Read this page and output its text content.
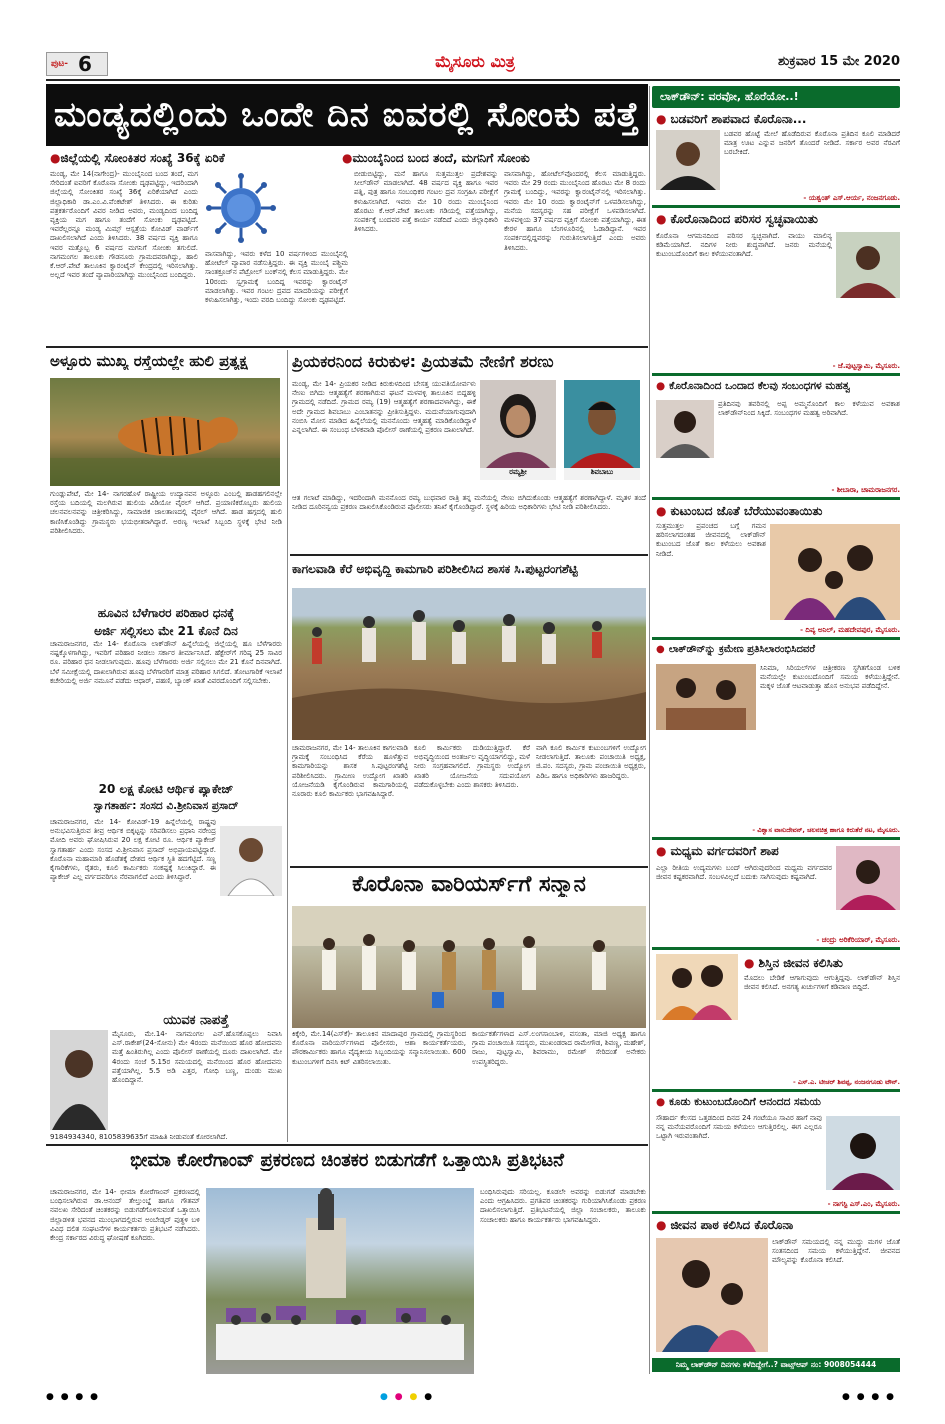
ಪುಟ- 6	ಮೈಸೂರು ಮಿತ್ರ	ಶುಕ್ರವಾರ 15 ಮೇ 2020
ಮಂಡ್ಯದಲ್ಲಿಂದು ಒಂದೇ ದಿನ ಐವರಲ್ಲಿ ಸೋಂಕು ಪತ್ತೆ
●ಜಿಲ್ಲೆಯಲ್ಲಿ ಸೋಂಕಿತರ ಸಂಖ್ಯೆ 36ಕ್ಕೆ ಏರಿಕೆ	●ಮುಂಬೈನಿಂದ ಬಂದ ತಂದೆ, ಮಗನಿಗೆ ಸೋಂಕು
ಮಂಡ್ಯ, ಮೇ 14(ನಾಗೇಂದ್ರ)- ಮುಂಬೈನಿಂದ ಬಂದ ತಂದೆ, ಮಗ ಸೇರಿದಂತೆ ಐವರಿಗೆ ಕೊರೊನಾ ಸೋಂಕು ದೃಢಪಟ್ಟಿದ್ದು, ಇದರಿಂದಾಗಿ ಜಿಲ್ಲೆಯಲ್ಲಿ ಸೋಂಕಿತರ ಸಂಖ್ಯೆ 36ಕ್ಕೆ ಏರಿಕೆಯಾಗಿದೆ ಎಂದು ಜಿಲ್ಲಾಧಿಕಾರಿ ಡಾ.ಎಂ.ವಿ.ವೆಂಕಟೇಶ್ ತಿಳಿಸಿದರು. ಈ ಕುರಿತು ಪತ್ರಕರ್ತರೊಂದಿಗೆ ವಿವರ ನೀಡಿದ ಅವರು, ಮಂಡ್ಯದಿಂದ ಬಂದಿದ್ದ ವ್ಯಕ್ತಿಯ ಮಗ ಹಾಗೂ ತಂದೆಗೆ ಸೋಂಕು ದೃಢಪಟ್ಟಿದೆ. ಇವರೆಲ್ಲರನ್ನೂ ಮಂಡ್ಯ ಮಿಮ್ಸ್ ಆಸ್ಪತ್ರೆಯ ಕೋವಿಡ್ ವಾರ್ಡ್‌ಗೆ ದಾಖಲಿಸಲಾಗಿದೆ ಎಂದು ತಿಳಿಸಿದರು. 38 ವರ್ಷದ ವ್ಯಕ್ತಿ ಹಾಗೂ ಇವರ ಮತ್ತೊಬ್ಬ 6 ವರ್ಷದ ಮಗನಿಗೆ ಸೋಂಕು ತಗುಲಿದೆ. ನಾಗಮಂಗಲ ತಾಲೂಕು ಗೌಡನೂರು ಗ್ರಾಮದವರಾಗಿದ್ದು, ಹಾಲಿ ಕೆ.ಆರ್.ಪೇಟೆ ತಾಲೂಕಿನ ಕ್ವಾರಂಟೈನ್ ಕೇಂದ್ರದಲ್ಲಿ ಇರಿಸಲಾಗಿತ್ತು. ಅಲ್ಲದೆ ಇವರ ತಂದೆ ವ್ಯಾಪಾರಿಯಾಗಿದ್ದು ಮುಂಬೈನಿಂದ ಬಂದಿದ್ದರು.
ವಾಸವಾಗಿದ್ದು, ಇವರು ಕಳೆದ 10 ವರ್ಷಗಳಿಂದ ಮುಂಬೈನಲ್ಲಿ ಹೋಟೆಲ್ ವ್ಯಾಪಾರ ನಡೆಸುತ್ತಿದ್ದರು. ಈ ವ್ಯಕ್ತಿ ಮುಂಬೈ ಪಶ್ಚಿಮ ಸಾಂತಕ್ರೂಜ್‌ನ ಪೆಟ್ರೋಲ್ ಬಂಕ್‌ನಲ್ಲಿ ಕೆಲಸ ಮಾಡುತ್ತಿದ್ದರು. ಮೇ 10ರಂದು ಸ್ವಗ್ರಾಮಕ್ಕೆ ಬಂದಿದ್ದ ಇವರನ್ನು ಕ್ವಾರಂಟೈನ್ ಮಾಡಲಾಗಿತ್ತು. ಇವರ ಗಂಟಲ ದ್ರವದ ಮಾದರಿಯನ್ನು ಪರೀಕ್ಷೆಗೆ ಕಳುಹಿಸಲಾಗಿತ್ತು, ಇಂದು ವರದಿ ಬಂದಿದ್ದು ಸೋಂಕು ದೃಢಪಟ್ಟಿದೆ.
ಬೀಡುಬಿಟ್ಟಿದ್ದು, ಮನೆ ಹಾಗೂ ಸುತ್ತಮುತ್ತಲ ಪ್ರದೇಶವನ್ನು ಸೀಲ್‌ಡೌನ್ ಮಾಡಲಾಗಿದೆ. 48 ವರ್ಷದ ವ್ಯಕ್ತಿ ಹಾಗೂ ಇವರ ಪತ್ನಿ, ಪುತ್ರ ಹಾಗೂ ಸಂಬಂಧಿಕರ ಗಂಟಲ ದ್ರವ ಸಂಗ್ರಹಿಸಿ ಪರೀಕ್ಷೆಗೆ ಕಳುಹಿಸಲಾಗಿದೆ. ಇವರು ಮೇ 10 ರಂದು ಮುಂಬೈನಿಂದ ಹೊರಟು ಕೆ.ಆರ್.ಪೇಟೆ ತಾಲೂಕು ಗಡಿಯಲ್ಲಿ ಪತ್ತೆಯಾಗಿದ್ದು, ಸಂಪರ್ಕಕ್ಕೆ ಬಂದವರ ಪತ್ತೆ ಕಾರ್ಯ ನಡೆದಿದೆ ಎಂದು ಜಿಲ್ಲಾಧಿಕಾರಿ ತಿಳಿಸಿದರು.
ವಾಸವಾಗಿದ್ದು, ಹೋಟೆಲ್‌ವೊಂದರಲ್ಲಿ ಕೆಲಸ ಮಾಡುತ್ತಿದ್ದರು. ಇವರು ಮೇ 29 ರಂದು ಮುಂಬೈನಿಂದ ಹೊರಟು ಮೇ 8 ರಂದು ಗ್ರಾಮಕ್ಕೆ ಬಂದಿದ್ದು, ಇವರನ್ನು ಕ್ವಾರಂಟೈನ್‌ನಲ್ಲಿ ಇರಿಸಲಾಗಿತ್ತು. ಇವರು ಮೇ 10 ರಂದು ಕ್ವಾರಂಟೈನ್‌ಗೆ ಒಳಪಡಿಸಲಾಗಿದ್ದು, ಮನೆಯ ಸದಸ್ಯರನ್ನು ಸಹ ಪರೀಕ್ಷೆಗೆ ಒಳಪಡಿಸಲಾಗಿದೆ. ಮಳವಳ್ಳಿಯ 37 ವರ್ಷದ ವ್ಯಕ್ತಿಗೆ ಸೋಂಕು ಪತ್ತೆಯಾಗಿದ್ದು, ಈತ ಕೇರಳ ಹಾಗೂ ಬೆಂಗಳೂರಿನಲ್ಲಿ ಓಡಾಡಿದ್ದಾನೆ. ಇವರ ಸಂಪರ್ಕದಲ್ಲಿದ್ದವರನ್ನು ಗುರುತಿಸಲಾಗುತ್ತಿದೆ ಎಂದು ಅವರು ತಿಳಿಸಿದರು.
ಅಳ್ಳೂರು ಮುಖ್ಯ ರಸ್ತೆಯಲ್ಲೇ ಹುಲಿ ಪ್ರತ್ಯಕ್ಷ
ಗುಂಡ್ಲುಪೇಟೆ, ಮೇ 14- ನಾಗರಹೊಳೆ ರಾಷ್ಟ್ರೀಯ ಉದ್ಯಾನವನ ಅಳ್ಳೂರು ಎಂಬಲ್ಲಿ ಹಾಡಹಗಲಿನಲ್ಲೇ ರಸ್ತೆಯ ಬದಿಯಲ್ಲಿ ಮಲಗಿರುವ ಹುಲಿಯ ವಿಡಿಯೋ ವೈರಲ್ ಆಗಿದೆ. ಪ್ರಯಾಣಿಕರೊಬ್ಬರು ಹುಲಿಯ ಚಲನವಲನವನ್ನು ಚಿತ್ರೀಕರಿಸಿದ್ದು, ಸಾಮಾಜಿಕ ಜಾಲತಾಣದಲ್ಲಿ ವೈರಲ್ ಆಗಿದೆ. ಹಾಡ ಹಗ್ಗದಲ್ಲಿ ಹುಲಿ ಕಾಣಿಸಿಕೊಂಡಿದ್ದು ಗ್ರಾಮಸ್ಥರು ಭಯಭೀತರಾಗಿದ್ದಾರೆ. ಅರಣ್ಯ ಇಲಾಖೆ ಸಿಬ್ಬಂದಿ ಸ್ಥಳಕ್ಕೆ ಭೇಟಿ ನೀಡಿ ಪರಿಶೀಲಿಸಿದರು.
ಹೂವಿನ ಬೆಳೆಗಾರರ ಪರಿಹಾರ ಧನಕ್ಕೆ
ಅರ್ಜಿ ಸಲ್ಲಿಸಲು ಮೇ 21 ಕೊನೆ ದಿನ
ಚಾಮರಾಜನಗರ, ಮೇ 14- ಕೊರೊನಾ ಲಾಕ್‌ಡೌನ್ ಹಿನ್ನೆಲೆಯಲ್ಲಿ ಜಿಲ್ಲೆಯಲ್ಲಿ ಹೂ ಬೆಳೆಗಾರರು ನಷ್ಟಕ್ಕೊಳಗಾಗಿದ್ದು, ಇವರಿಗೆ ಪರಿಹಾರ ನೀಡಲು ಸರ್ಕಾರ ತೀರ್ಮಾನಿಸಿದೆ. ಹೆಕ್ಟೇರ್‌ಗೆ ಗರಿಷ್ಠ 25 ಸಾವಿರ ರೂ. ಪರಿಹಾರ ಧನ ನೀಡಲಾಗುವುದು. ಹೂವು ಬೆಳೆಗಾರರು ಅರ್ಜಿ ಸಲ್ಲಿಸಲು ಮೇ 21 ಕೊನೆ ದಿನವಾಗಿದೆ. ಬೆಳೆ ಸಮೀಕ್ಷೆಯಲ್ಲಿ ದಾಖಲಾಗಿರುವ ಹೂವು ಬೆಳೆಗಾರರಿಗೆ ಮಾತ್ರ ಪರಿಹಾರ ಸಿಗಲಿದೆ. ತೋಟಗಾರಿಕೆ ಇಲಾಖೆ ಕಚೇರಿಯಲ್ಲಿ ಅರ್ಜಿ ನಮೂನೆ ಪಡೆದು ಆಧಾರ್, ಪಹಣಿ, ಬ್ಯಾಂಕ್ ಖಾತೆ ವಿವರದೊಂದಿಗೆ ಸಲ್ಲಿಸಬೇಕು.
20 ಲಕ್ಷ ಕೋಟಿ ಆರ್ಥಿಕ ಪ್ಯಾಕೇಜ್
ಸ್ವಾಗತಾರ್ಹ: ಸಂಸದ ವಿ.ಶ್ರೀನಿವಾಸ ಪ್ರಸಾದ್
ಚಾಮರಾಜನಗರ, ಮೇ 14- ಕೋವಿಡ್-19 ಹಿನ್ನೆಲೆಯಲ್ಲಿ ರಾಷ್ಟ್ರವು ಅನುಭವಿಸುತ್ತಿರುವ ತೀವ್ರ ಆರ್ಥಿಕ ಬಿಕ್ಕಟ್ಟನ್ನು ಸರಿಪಡಿಸಲು ಪ್ರಧಾನಿ ನರೇಂದ್ರ ಮೋದಿ ಅವರು ಘೋಷಿಸಿರುವ 20 ಲಕ್ಷ ಕೋಟಿ ರೂ. ಆರ್ಥಿಕ ಪ್ಯಾಕೇಜ್ ಸ್ವಾಗತಾರ್ಹ ಎಂದು ಸಂಸದ ವಿ.ಶ್ರೀನಿವಾಸ ಪ್ರಸಾದ್ ಅಭಿಪ್ರಾಯಪಟ್ಟಿದ್ದಾರೆ. ಕೊರೊನಾ ಮಹಾಮಾರಿ ಹೊಡೆತಕ್ಕೆ ದೇಶದ ಆರ್ಥಿಕ ಸ್ಥಿತಿ ಹದಗೆಟ್ಟಿದೆ. ಸಣ್ಣ ಕೈಗಾರಿಕೆಗಳು, ರೈತರು, ಕೂಲಿ ಕಾರ್ಮಿಕರು ಸಂಕಷ್ಟಕ್ಕೆ ಸಿಲುಕಿದ್ದಾರೆ. ಈ ಪ್ಯಾಕೇಜ್ ಎಲ್ಲ ವರ್ಗದವರಿಗೂ ನೆರವಾಗಲಿದೆ ಎಂದು ತಿಳಿಸಿದ್ದಾರೆ.
ಯುವಕ ನಾಪತ್ತೆ
ಮೈಸೂರು, ಮೇ.14- ನಾಗಮಂಗಲ ಎನ್.ಹೊಸಕೊಪ್ಪಲು ನಿವಾಸಿ ಎಸ್.ರಾಕೇಶ್(24-ಸೋನು) ಮೇ 4ರಂದು ಮನೆಯಿಂದ ಹೊರ ಹೋದವನು ಮತ್ತೆ ಹಿಂತಿರುಗಿಲ್ಲ ಎಂದು ಪೊಲೀಸ್ ಠಾಣೆಯಲ್ಲಿ ದೂರು ದಾಖಲಾಗಿದೆ. ಮೇ 4ರಂದು ಸಂಜೆ 5.15ರ ಸಮಯದಲ್ಲಿ ಮನೆಯಿಂದ ಹೊರ ಹೋದವನು ಪತ್ತೆಯಾಗಿಲ್ಲ. 5.5 ಅಡಿ ಎತ್ತರ, ಗೋಧಿ ಬಣ್ಣ, ದುಂಡು ಮುಖ ಹೊಂದಿದ್ದಾನೆ.
9184934340, 8105839635ಗೆ ಮಾಹಿತಿ ನೀಡುವಂತೆ ಕೋರಲಾಗಿದೆ.
ಪ್ರಿಯಕರನಿಂದ ಕಿರುಕುಳ: ಪ್ರಿಯತಮೆ ನೇಣಿಗೆ ಶರಣು
ಮಂಡ್ಯ, ಮೇ 14- ಪ್ರಿಯಕರ ನೀಡಿದ ಕಿರುಕುಳದಿಂದ ಬೇಸತ್ತ ಯುವತಿಯೋರ್ವಳು ನೇಣು ಬಿಗಿದು ಆತ್ಮಹತ್ಯೆಗೆ ಶರಣಾಗಿರುವ ಘಟನೆ ಮಳವಳ್ಳಿ ತಾಲೂಕಿನ ಬಿದ್ದಹಳ್ಳಿ ಗ್ರಾಮದಲ್ಲಿ ನಡೆದಿದೆ. ಗ್ರಾಮದ ರಮ್ಯ (19) ಆತ್ಮಹತ್ಯೆಗೆ ಶರಣಾದವಳಾಗಿದ್ದು, ಈಕೆ ಅದೇ ಗ್ರಾಮದ ಶಿವಬಾಬು ಎಂಬಾತನನ್ನು ಪ್ರೀತಿಸುತ್ತಿದ್ದಳು. ಮದುವೆಯಾಗುವುದಾಗಿ ನಂಬಿಸಿ ಮೋಸ ಮಾಡಿದ ಹಿನ್ನೆಲೆಯಲ್ಲಿ ಮನನೊಂದು ಆತ್ಮಹತ್ಯೆ ಮಾಡಿಕೊಂಡಿದ್ದಾಳೆ ಎನ್ನಲಾಗಿದೆ. ಈ ಸಂಬಂಧ ಬೆಳಕವಾಡಿ ಪೊಲೀಸ್ ಠಾಣೆಯಲ್ಲಿ ಪ್ರಕರಣ ದಾಖಲಾಗಿದೆ.
ರಮ್ಯಶ್ರೀ	ಶಿವಬಾಬು
ಆತ ಗಲಾಟೆ ಮಾಡಿದ್ದು, ಇದರಿಂದಾಗಿ ಮನನೊಂದ ರಮ್ಯ ಬುಧವಾರ ರಾತ್ರಿ ತನ್ನ ಮನೆಯಲ್ಲಿ ನೇಣು ಬಿಗಿದುಕೊಂಡು ಆತ್ಮಹತ್ಯೆಗೆ ಶರಣಾಗಿದ್ದಾಳೆ. ಮೃತಳ ತಂದೆ ನೀಡಿದ ದೂರಿನನ್ವಯ ಪ್ರಕರಣ ದಾಖಲಿಸಿಕೊಂಡಿರುವ ಪೊಲೀಸರು ತನಿಖೆ ಕೈಗೊಂಡಿದ್ದಾರೆ. ಸ್ಥಳಕ್ಕೆ ಹಿರಿಯ ಅಧಿಕಾರಿಗಳು ಭೇಟಿ ನೀಡಿ ಪರಿಶೀಲಿಸಿದರು.
ಕಾಗಲವಾಡಿ ಕೆರೆ ಅಭಿವೃದ್ಧಿ ಕಾಮಗಾರಿ ಪರಿಶೀಲಿಸಿದ ಶಾಸಕ ಸಿ.ಪುಟ್ಟರಂಗಶೆಟ್ಟಿ
ಚಾಮರಾಜನಗರ, ಮೇ 14- ತಾಲೂಕಿನ ಕಾಗಲವಾಡಿ ಗ್ರಾಮಕ್ಕೆ ಸಂಬಂಧಿಸಿದ ಕೆರೆಯ ಹೂಳೆತ್ತುವ ಕಾಮಗಾರಿಯನ್ನು ಶಾಸಕ ಸಿ.ಪುಟ್ಟರಂಗಶೆಟ್ಟಿ ಪರಿಶೀಲಿಸಿದರು. ಗ್ರಾಮೀಣ ಉದ್ಯೋಗ ಖಾತರಿ ಯೋಜನೆಯಡಿ ಕೈಗೊಂಡಿರುವ ಕಾಮಗಾರಿಯಲ್ಲಿ ನೂರಾರು ಕೂಲಿ ಕಾರ್ಮಿಕರು ಭಾಗವಹಿಸಿದ್ದಾರೆ.
ಕೂಲಿ ಕಾರ್ಮಿಕರು ದುಡಿಯುತ್ತಿದ್ದಾರೆ. ಕೆರೆ ಅಭಿವೃದ್ಧಿಯಿಂದ ಅಂತರ್ಜಲ ವೃದ್ಧಿಯಾಗಲಿದ್ದು, ಮಳೆ ನೀರು ಸಂಗ್ರಹವಾಗಲಿದೆ. ಗ್ರಾಮಸ್ಥರು ಉದ್ಯೋಗ ಖಾತರಿ ಯೋಜನೆಯ ಸದುಪಯೋಗ ಪಡೆದುಕೊಳ್ಳಬೇಕು ಎಂದು ಶಾಸಕರು ತಿಳಿಸಿದರು.
ವಾಗಿ ಕೂಲಿ ಕಾರ್ಮಿಕ ಕುಟುಂಬಗಳಿಗೆ ಉದ್ಯೋಗ ನೀಡಲಾಗುತ್ತಿದೆ. ತಾಲೂಕು ಪಂಚಾಯಿತಿ ಅಧ್ಯಕ್ಷ, ಜಿ.ಪಂ. ಸದಸ್ಯರು, ಗ್ರಾಮ ಪಂಚಾಯಿತಿ ಅಧ್ಯಕ್ಷರು, ಪಿಡಿಒ ಹಾಗೂ ಅಧಿಕಾರಿಗಳು ಹಾಜರಿದ್ದರು.
ಕೊರೊನಾ ವಾರಿಯರ್ಸ್‌ಗೆ ಸನ್ಮಾನ
ಕಿಕ್ಕೇರಿ, ಮೇ.14(ಎಸ್‌ಕೆ)- ತಾಲೂಕಿನ ಮಾದಾಪುರ ಗ್ರಾಮದಲ್ಲಿ ಗ್ರಾಮಸ್ಥರಿಂದ ಕೊರೊನಾ ವಾರಿಯರ್ಸ್‌ಗಳಾದ ಪೊಲೀಸರು, ಆಶಾ ಕಾರ್ಯಕರ್ತೆಯರು, ಪೌರಕಾರ್ಮಿಕರು ಹಾಗೂ ವೈದ್ಯಕೀಯ ಸಿಬ್ಬಂದಿಯನ್ನು ಸನ್ಮಾನಿಸಲಾಯಿತು. 600 ಕುಟುಂಬಗಳಿಗೆ ದಿನಸಿ ಕಿಟ್ ವಿತರಿಸಲಾಯಿತು.
ಕಾರ್ಯಕರ್ತೆಗಳಾದ ಎಸ್.ಲಂಗಸಾಂಬಾಳಿ, ವಸಂತಾ, ಮಾಜಿ ಅಧ್ಯಕ್ಷ ಹಾಗೂ ಗ್ರಾಮ ಪಂಚಾಯಿತಿ ಸದಸ್ಯರು, ಮುಖಂಡರಾದ ರಾಮೇಗೌಡ, ಶಿವಣ್ಣ, ಮಹೇಶ್, ರಾಜು, ಪುಟ್ಟಸ್ವಾಮಿ, ಶಿವರಾಮು, ರಮೇಶ್ ಸೇರಿದಂತೆ ಅನೇಕರು ಉಪಸ್ಥಿತರಿದ್ದರು.
ಭೀಮಾ ಕೋರೆಗಾಂವ್ ಪ್ರಕರಣದ ಚಿಂತಕರ ಬಿಡುಗಡೆಗೆ ಒತ್ತಾಯಿಸಿ ಪ್ರತಿಭಟನೆ
ಚಾಮರಾಜನಗರ, ಮೇ 14- ಭೀಮಾ ಕೋರೆಗಾಂವ್ ಪ್ರಕರಣದಲ್ಲಿ ಬಂಧಿಸಲಾಗಿರುವ ಡಾ.ಆನಂದ್ ತೇಲ್ತುಂಬ್ಡೆ ಹಾಗೂ ಗೌತಮ್ ನವಲಖ ಸೇರಿದಂತೆ ಚಿಂತಕರನ್ನು ಬಿಡುಗಡೆಗೊಳಿಸುವಂತೆ ಒತ್ತಾಯಿಸಿ ಜಿಲ್ಲಾಡಳಿತ ಭವನದ ಮುಂಭಾಗದಲ್ಲಿರುವ ಅಂಬೇಡ್ಕರ್ ಪುತ್ಥಳಿ ಬಳಿ ವಿವಿಧ ದಲಿತ ಸಂಘಟನೆಗಳ ಕಾರ್ಯಕರ್ತರು ಪ್ರತಿಭಟನೆ ನಡೆಸಿದರು. ಕೇಂದ್ರ ಸರ್ಕಾರದ ವಿರುದ್ಧ ಘೋಷಣೆ ಕೂಗಿದರು.
ಬಂಧಿಸಿರುವುದು ಸರಿಯಲ್ಲ. ಕೂಡಲೇ ಅವರನ್ನು ಬಿಡುಗಡೆ ಮಾಡಬೇಕು ಎಂದು ಆಗ್ರಹಿಸಿದರು. ಪ್ರಗತಿಪರ ಚಿಂತಕರನ್ನು ಗುರಿಯಾಗಿಸಿಕೊಂಡು ಪ್ರಕರಣ ದಾಖಲಿಸಲಾಗುತ್ತಿದೆ. ಪ್ರತಿಭಟನೆಯಲ್ಲಿ ಜಿಲ್ಲಾ ಸಂಚಾಲಕರು, ತಾಲೂಕು ಸಂಚಾಲಕರು ಹಾಗೂ ಕಾರ್ಯಕರ್ತರು ಭಾಗವಹಿಸಿದ್ದರು.
ಲಾಕ್‌ಡೌನ್: ವರವೋ, ಹೊರೆಯೋ..!
● ಬಡವರಿಗೆ ಶಾಪವಾದ ಕೊರೊನಾ...
ಬಡವರ ಹೊಟ್ಟೆ ಮೇಲೆ ಹೊಡೆದಿರುವ ಕೊರೊನಾ ಪ್ರತಿದಿನ ಕೂಲಿ ಮಾಡಿದರೆ ಮಾತ್ರ ಊಟ ಎನ್ನುವ ಜನರಿಗೆ ತೊಂದರೆ ನೀಡಿದೆ. ಸರ್ಕಾರ ಅವರ ನೆರವಿಗೆ ಬರಬೇಕಿದೆ.
- ಯಶ್ವಂತ್ ಎಸ್.ಆರ್ಯ, ನಂಜನಗೂಡು.
● ಕೊರೊನಾದಿಂದ ಪರಿಸರ ಸ್ವಚ್ಛವಾಯಿತು
ಕೊರೊನಾ ಆಗಮನದಿಂದ ಪರಿಸರ ಸ್ವಚ್ಛವಾಗಿದೆ. ವಾಯು ಮಾಲಿನ್ಯ ಕಡಿಮೆಯಾಗಿದೆ. ನದಿಗಳ ನೀರು ಶುದ್ಧವಾಗಿದೆ. ಜನರು ಮನೆಯಲ್ಲಿ ಕುಟುಂಬದೊಂದಿಗೆ ಕಾಲ ಕಳೆಯುವಂತಾಗಿದೆ.
- ಜೆ.ಪುಟ್ಟಸ್ವಾಮಿ, ಮೈಸೂರು.
● ಕೊರೊನಾದಿಂದ ಒಂದಾದ ಕೆಲವು ಸಂಬಂಧಗಳ ಮಹತ್ವ
ಪ್ರತಿದಿನವು ತವರಿನಲ್ಲಿ ಅಪ್ಪ ಅಮ್ಮನೊಂದಿಗೆ ಕಾಲ ಕಳೆಯುವ ಅವಕಾಶ ಲಾಕ್‌ಡೌನ್‌ನಿಂದ ಸಿಕ್ಕಿದೆ. ಸಂಬಂಧಗಳ ಮಹತ್ವ ಅರಿವಾಗಿದೆ.
- ಶೀಬಾರಾ, ಚಾಮರಾಜನಗರ.
● ಕುಟುಂಬದ ಜೊತೆ ಬೆರೆಯುವಂತಾಯಿತು
ಸುತ್ತಮುತ್ತಲ ಪ್ರಪಂಚದ ಬಗ್ಗೆ ಗಮನ ಹರಿಸಲಾಗದಂತಹ ಜೀವನದಲ್ಲಿ ಲಾಕ್‌ಡೌನ್ ಕುಟುಂಬದ ಜೊತೆ ಕಾಲ ಕಳೆಯಲು ಅವಕಾಶ ನೀಡಿದೆ.
- ದಿವ್ಯ ಅನಿಲ್, ಮಹದೇವಪುರ, ಮೈಸೂರು.
● ಲಾಕ್‌ಡೌನ್‌ನ್ನು ಕ್ರಮೇಣ ಪ್ರತಿಸಿಲಾರಂಭಿಸಿದವರೆ
ಸಿನಿಮಾ, ಸಿರಿಯಲ್‌ಗಳ ಚಿತ್ರೀಕರಣ ಸ್ಥಗಿತಗೊಂಡ ಬಳಿಕ ಮನೆಯಲ್ಲೇ ಕುಟುಂಬದೊಂದಿಗೆ ಸಮಯ ಕಳೆಯುತ್ತಿದ್ದೇನೆ. ಮಕ್ಕಳ ಜೊತೆ ಆಟವಾಡುತ್ತಾ ಹೊಸ ಅನುಭವ ಪಡೆದಿದ್ದೇನೆ.
- ವಿಶ್ವಾಸ ವಾಸುದೇವನ್, ಚಲನಚಿತ್ರ ಹಾಗೂ ಕಿರುತೆರೆ ನಟ, ಮೈಸೂರು.
● ಮಧ್ಯಮ ವರ್ಗದವರಿಗೆ ಶಾಪ
ಎಲ್ಲಾ ರೀತಿಯ ಉದ್ಯಮಗಳು ಬಂದ್ ಆಗಿರುವುದರಿಂದ ಮಧ್ಯಮ ವರ್ಗದವರ ಜೀವನ ಕಷ್ಟಕರವಾಗಿದೆ. ಸಂಬಳವಿಲ್ಲದೆ ಬದುಕು ಸಾಗಿಸುವುದು ಕಷ್ಟವಾಗಿದೆ.
- ಚಂದ್ರು ಅರಿಕೆರಿಯಾರ್, ಮೈಸೂರು.
● ಶಿಸ್ತಿನ ಜೀವನ ಕಲಿಸಿತು
ಮೊದಲು ಬೇಡಿಕೆ ಆಗಾಗುವುದು ಆಗುತ್ತಿದ್ದವು. ಲಾಕ್‌ಡೌನ್ ಶಿಸ್ತಿನ ಜೀವನ ಕಲಿಸಿದೆ. ಅನಗತ್ಯ ಖರ್ಚುಗಳಿಗೆ ಕಡಿವಾಣ ಬಿದ್ದಿದೆ.
- ಎಸ್.ಎ. ಟೀಚರ್ ಶಿವಪ್ಪ, ನಂಜನಗೂಡು ಟೌನ್.
● ಕೂಡು ಕುಟುಂಬದೊಂದಿಗೆ ಆನಂದದ ಸಮಯ
ಸೌಹಾರ್ದ ಕೆಲಸದ ಒತ್ತಡದಿಂದ ದಿನದ 24 ಗಂಟೆಯೂ ಸಾವಿರ ಹಾಗೆ ನಾವು ನನ್ನ ಮನೆಯವರೊಂದಿಗೆ ಸಮಯ ಕಳೆಯಲು ಆಗುತ್ತಿರಲಿಲ್ಲ. ಈಗ ಎಲ್ಲರೂ ಒಟ್ಟಾಗಿ ಇರುವಂತಾಗಿದೆ.
- ನಾಗಸ್ಟಿ ಎಸ್.ಎಂ, ಮೈಸೂರು.
● ಜೀವನ ಪಾಠ ಕಲಿಸಿದ ಕೊರೊನಾ
ಲಾಕ್‌ಡೌನ್ ಸಮಯದಲ್ಲಿ ನನ್ನ ಮುದ್ದು ಮಗಳ ಜೊತೆ ಸಂತಸದಿಂದ ಸಮಯ ಕಳೆಯುತ್ತಿದ್ದೇನೆ. ಜೀವನದ ಮೌಲ್ಯವನ್ನು ಕೊರೊನಾ ಕಲಿಸಿದೆ.
ನಿಮ್ಮ ಲಾಕ್‌ಡೌನ್ ದಿನಗಳು ಕಳೆದಿದ್ದೇಗೆ..? ವಾಟ್ಸ್‌ಆಪ್ ನಂ: 9008054444
● ● ● ●	● ● ● ●	● ● ● ●
